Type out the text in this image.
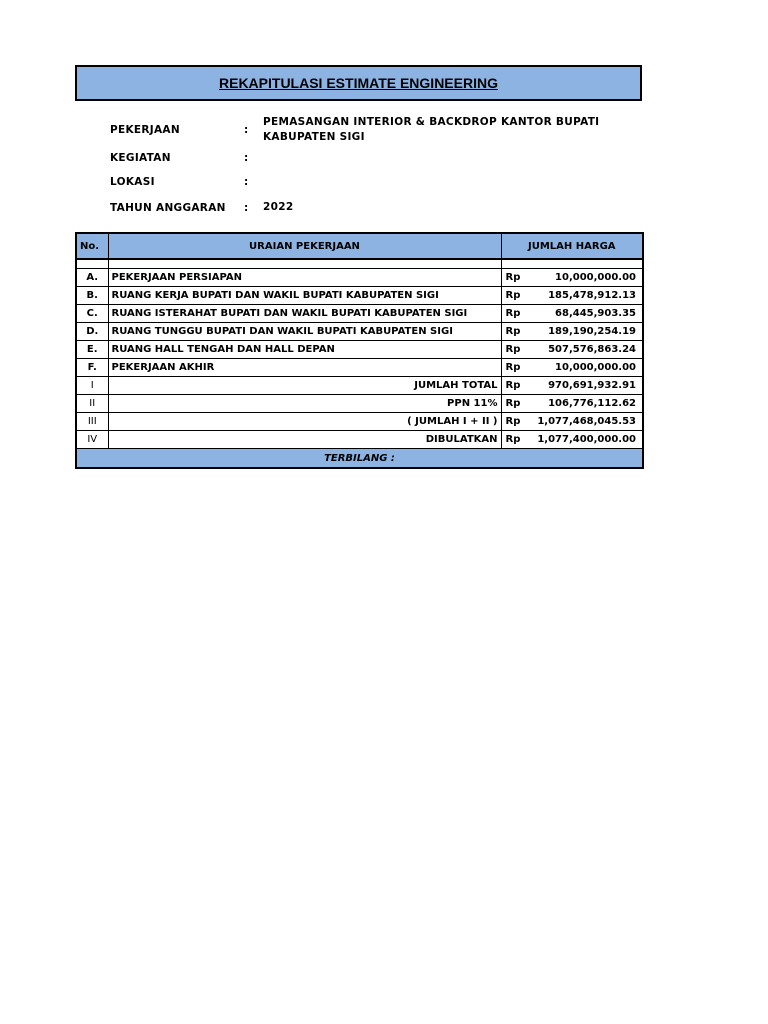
REKAPITULASI ESTIMATE ENGINEERING
PEKERJAAN	:
PEMASANGAN INTERIOR & BACKDROP KANTOR BUPATI KABUPATEN SIGI
KEGIATAN	:
LOKASI	:
TAHUN ANGGARAN : 2022
No.	URAIAN PEKERJAAN	JUMLAH HARGA	

A.	PEKERJAAN PERSIAPAN	Rp	10,000,000.00
B.	RUANG KERJA BUPATI DAN WAKIL BUPATI KABUPATEN SIGI	Rp	185,478,912.13
C.	RUANG ISTERAHAT BUPATI DAN WAKIL BUPATI KABUPATEN SIGI	Rp	68,445,903.35
D.	RUANG TUNGGU BUPATI DAN WAKIL BUPATI KABUPATEN SIGI	Rp	189,190,254.19
E.	RUANG HALL TENGAH DAN HALL DEPAN	Rp	507,576,863.24
F.	PEKERJAAN AKHIR	Rp	10,000,000.00
I	JUMLAH TOTAL	Rp	970,691,932.91
II	PPN 11%	Rp	106,776,112.62
III	( JUMLAH I + II )	Rp	1,077,468,045.53
IV	DIBULATKAN	Rp	1,077,400,000.00
TERBILANG :			
